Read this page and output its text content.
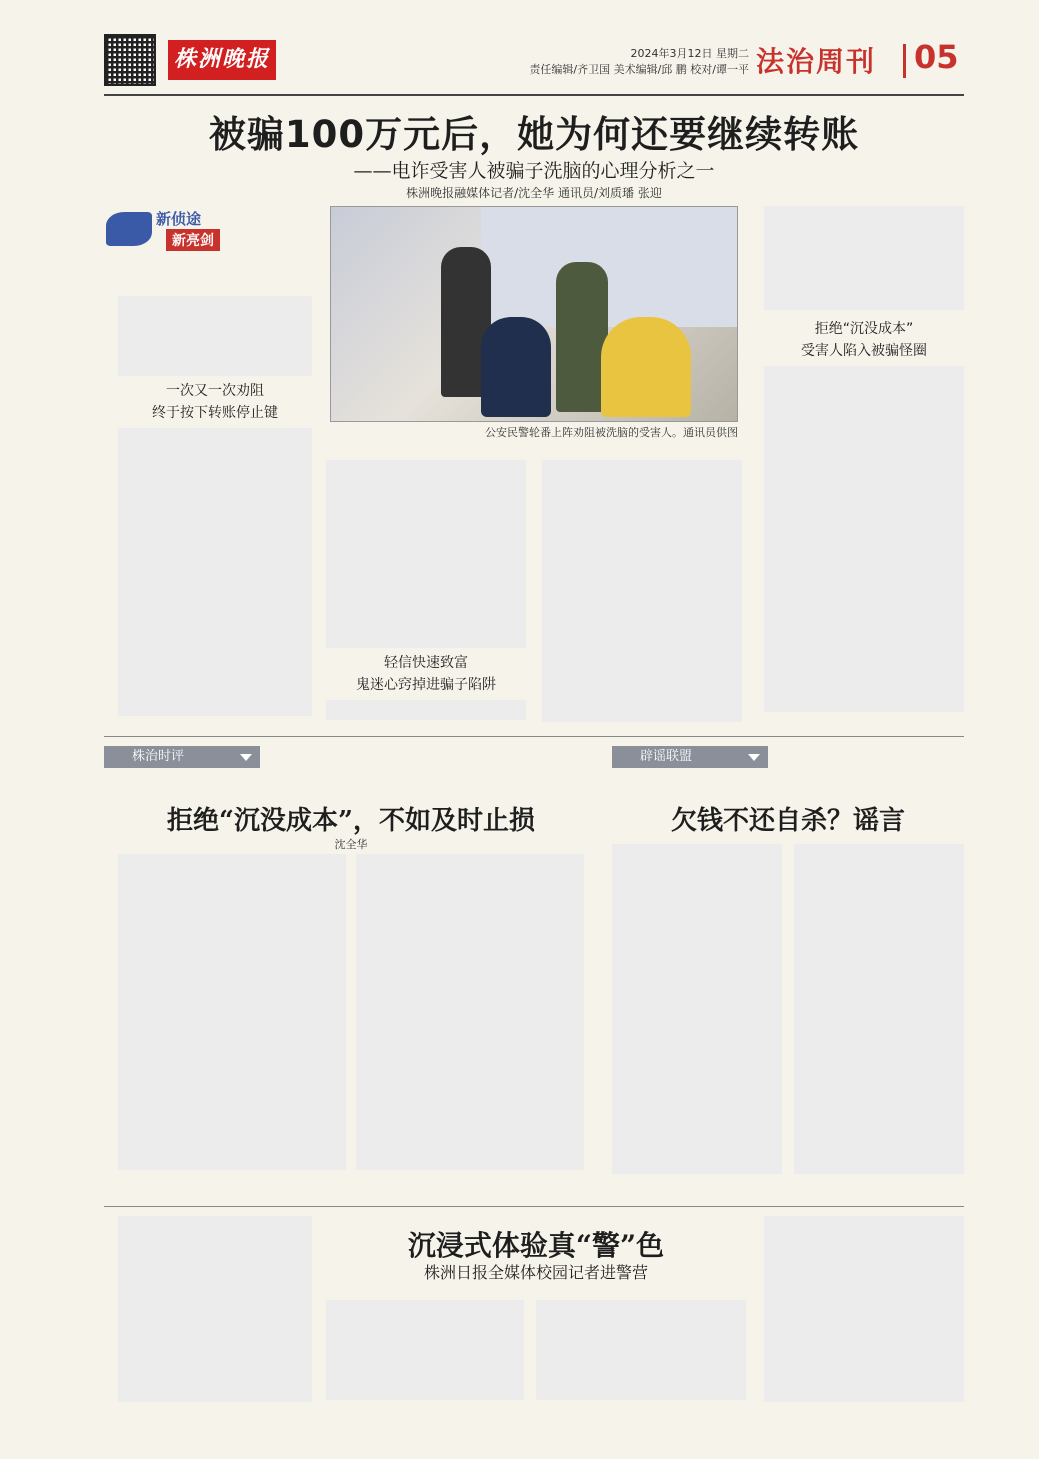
株洲晚报	2024年3月12日 星期二
责任编辑/齐卫国 美术编辑/邱 鹏 校对/谭一平 法治周刊 05
被骗100万元后，她为何还要继续转账
——电诈受害人被骗子洗脑的心理分析之一
株洲晚报融媒体记者/沈全华 通讯员/刘质璠 张迎
新侦途
新亮剑
一次又一次劝阻
终于按下转账停止键
公安民警轮番上阵劝阻被洗脑的受害人。通讯员供图
轻信快速致富
鬼迷心窍掉进骗子陷阱
拒绝“沉没成本”
受害人陷入被骗怪圈
株治时评
拒绝“沉没成本”，不如及时止损
沈全华
辟谣联盟
欠钱不还自杀？谣言
沉浸式体验真“警”色
株洲日报全媒体校园记者进警营
